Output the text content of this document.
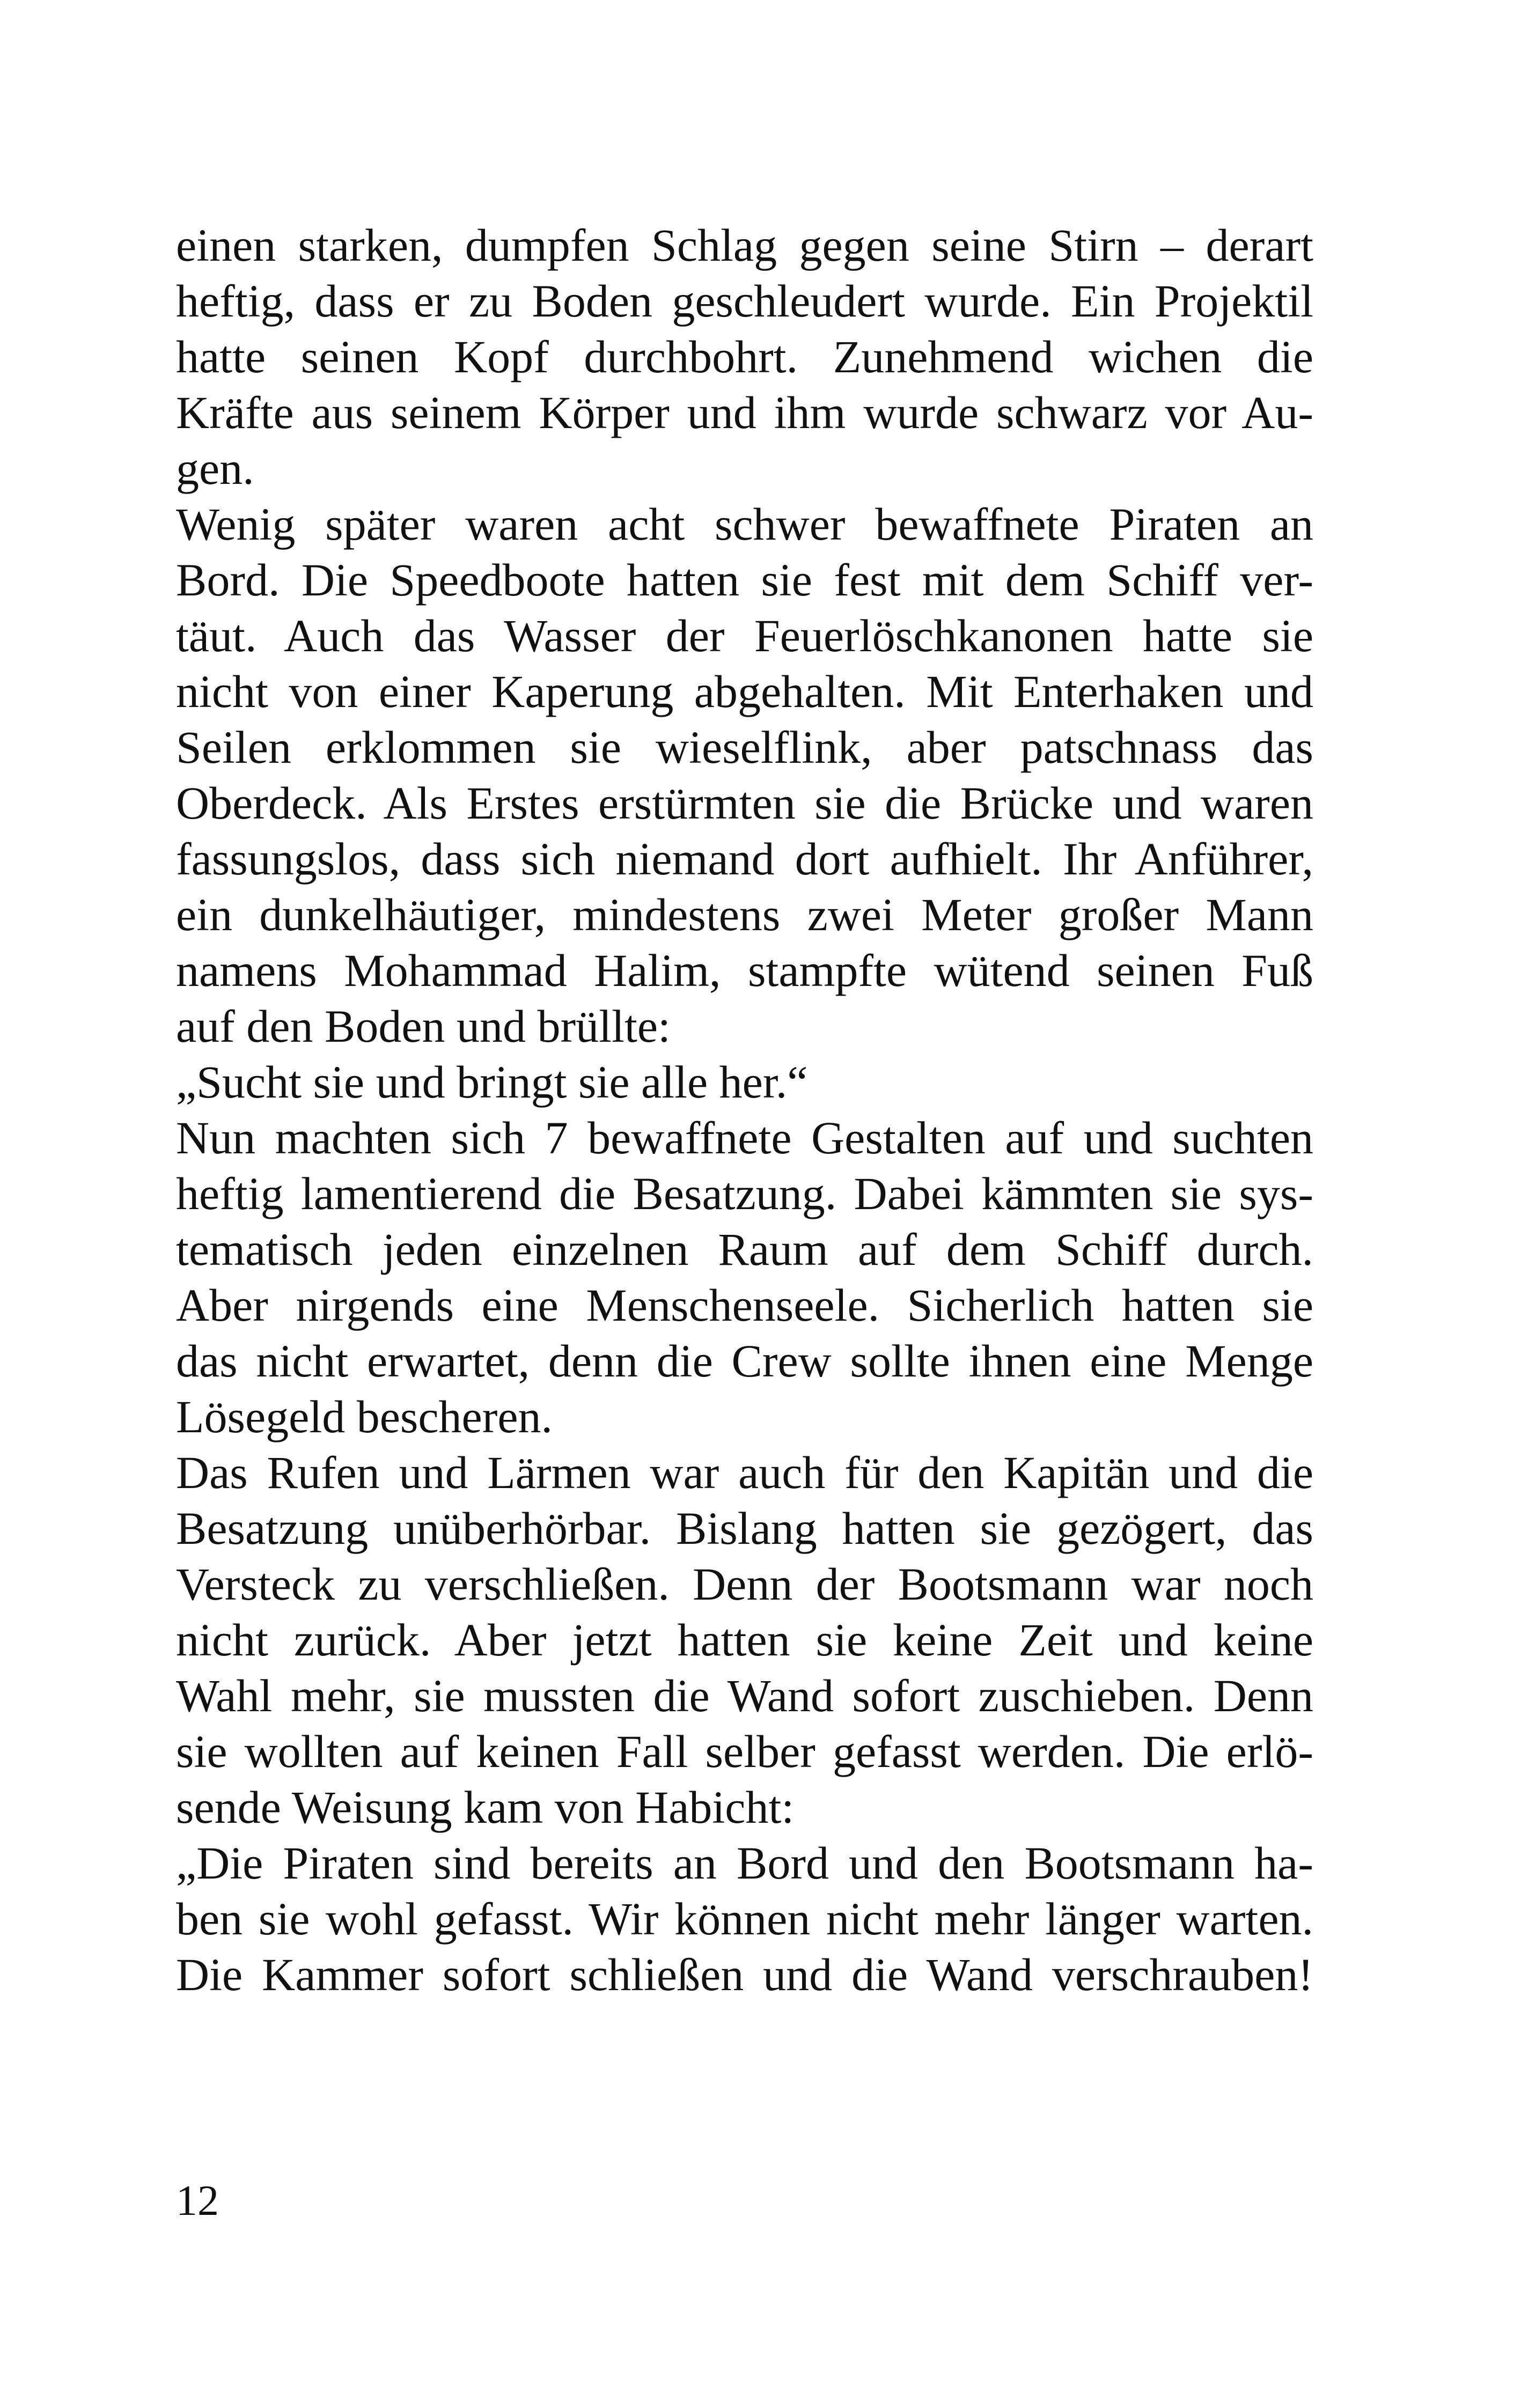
einen starken, dumpfen Schlag gegen seine Stirn – derart
heftig, dass er zu Boden geschleudert wurde. Ein Projektil
hatte seinen Kopf durchbohrt. Zunehmend wichen die
Kräfte aus seinem Körper und ihm wurde schwarz vor Au-
gen.
Wenig später waren acht schwer bewaffnete Piraten an
Bord. Die Speedboote hatten sie fest mit dem Schiff ver-
täut. Auch das Wasser der Feuerlöschkanonen hatte sie
nicht von einer Kaperung abgehalten. Mit Enterhaken und
Seilen erklommen sie wieselflink, aber patschnass das
Oberdeck. Als Erstes erstürmten sie die Brücke und waren
fassungslos, dass sich niemand dort aufhielt. Ihr Anführer,
ein dunkelhäutiger, mindestens zwei Meter großer Mann
namens Mohammad Halim, stampfte wütend seinen Fuß
auf den Boden und brüllte:
„Sucht sie und bringt sie alle her.“
Nun machten sich 7 bewaffnete Gestalten auf und suchten
heftig lamentierend die Besatzung. Dabei kämmten sie sys-
tematisch jeden einzelnen Raum auf dem Schiff durch.
Aber nirgends eine Menschenseele. Sicherlich hatten sie
das nicht erwartet, denn die Crew sollte ihnen eine Menge
Lösegeld bescheren.
Das Rufen und Lärmen war auch für den Kapitän und die
Besatzung unüberhörbar. Bislang hatten sie gezögert, das
Versteck zu verschließen. Denn der Bootsmann war noch
nicht zurück. Aber jetzt hatten sie keine Zeit und keine
Wahl mehr, sie mussten die Wand sofort zuschieben. Denn
sie wollten auf keinen Fall selber gefasst werden. Die erlö-
sende Weisung kam von Habicht:
„Die Piraten sind bereits an Bord und den Bootsmann ha-
ben sie wohl gefasst. Wir können nicht mehr länger warten.
Die Kammer sofort schließen und die Wand verschrauben!
12
